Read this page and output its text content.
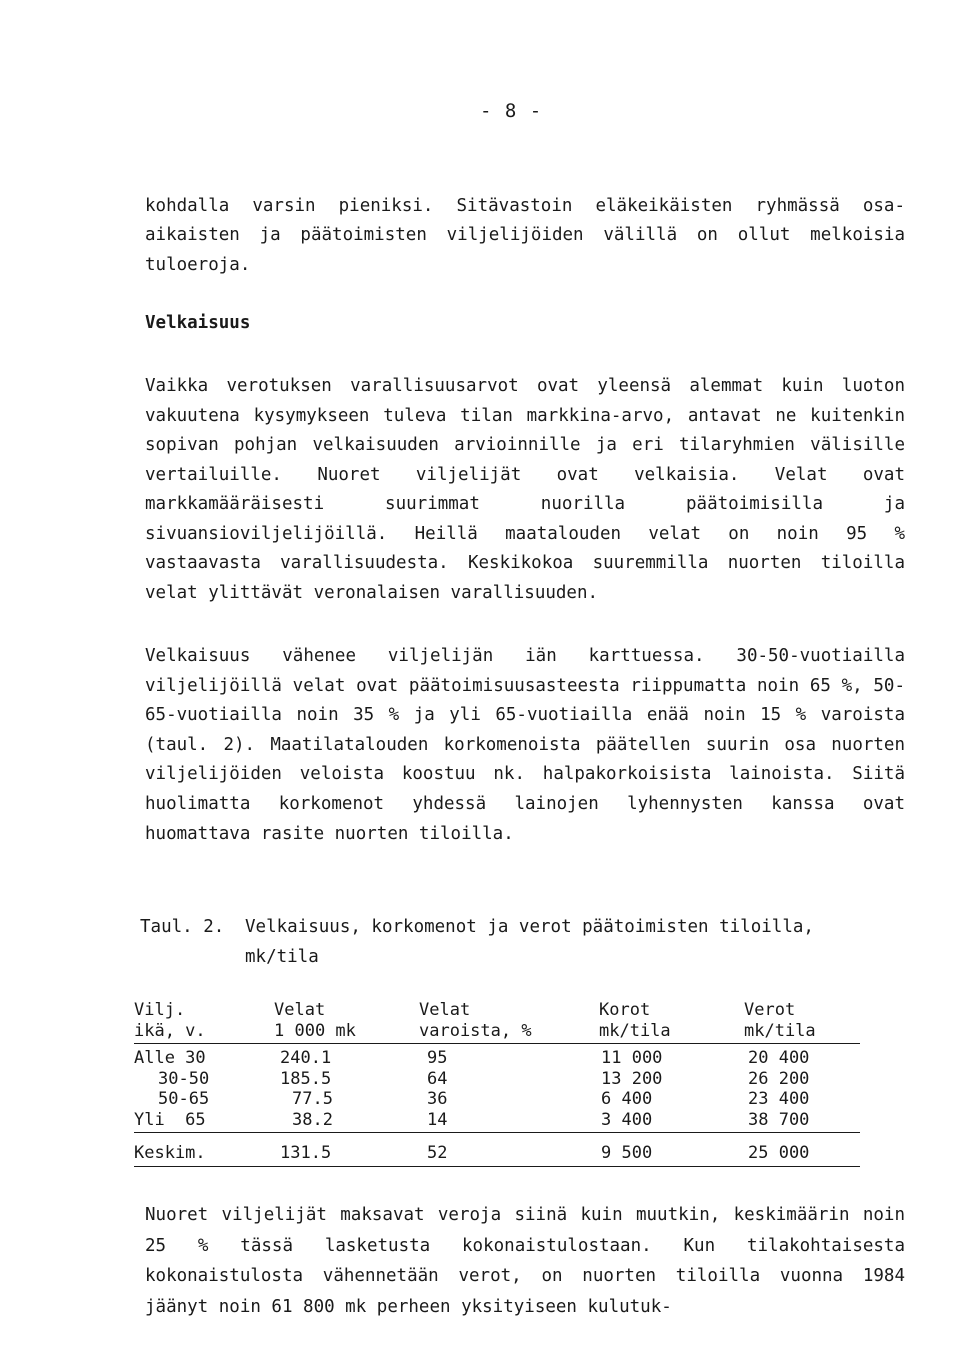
- 8 -

kohdalla varsin pieniksi. Sitävastoin eläkeikäisten ryhmässä osa-aikaisten ja päätoimisten viljelijöiden välillä on ollut melkoisia tuloeroja.

Velkaisuus

Vaikka verotuksen varallisuusarvot ovat yleensä alemmat kuin luoton vakuutena kysymykseen tuleva tilan markkina-arvo, antavat ne kuitenkin sopivan pohjan velkaisuuden arvioinnille ja eri tilaryhmien välisille vertailuille. Nuoret viljelijät ovat velkaisia. Velat ovat markkamääräisesti suurimmat nuorilla päätoimisilla ja sivuansioviljelijöillä. Heillä maatalouden velat on noin 95 % vastaavasta varallisuudesta. Keskikokoa suuremmilla nuorten tiloilla velat ylittävät veronalaisen varallisuuden.

Velkaisuus vähenee viljelijän iän karttuessa. 30-50-vuotiailla viljelijöillä velat ovat päätoimisuusasteesta riippumatta noin 65 %, 50-65-vuotiailla noin 35 % ja yli 65-vuotiailla enää noin 15 % varoista (taul. 2). Maatilatalouden korkomenoista päätellen suurin osa nuorten viljelijöiden veloista koostuu nk. halpakorkoisista lainoista. Siitä huolimatta korkomenot yhdessä lainojen lyhennysten kanssa ovat huomattava rasite nuorten tiloilla.

Taul. 2. Velkaisuus, korkomenot ja verot päätoimisten tiloilla,
mk/tila
Vilj.	Velat	Velat	Korot	Verot
ikä, v.	1 000 mk	varoista, %	mk/tila	mk/tila
Alle 30	240.1	95	11 000	20 400
30-50	185.5	64	13 200	26 200
50-65	77.5	36	6 400	23 400
Yli  65	38.2	14	3 400	38 700
Keskim.	131.5	52	9 500	25 000

Nuoret viljelijät maksavat veroja siinä kuin muutkin, keskimäärin noin 25 % tässä lasketusta kokonaistulostaan. Kun tilakohtaisesta kokonaistulosta vähennetään verot, on nuorten tiloilla vuonna 1984 jäänyt noin 61 800 mk perheen yksityiseen kulutuk-
